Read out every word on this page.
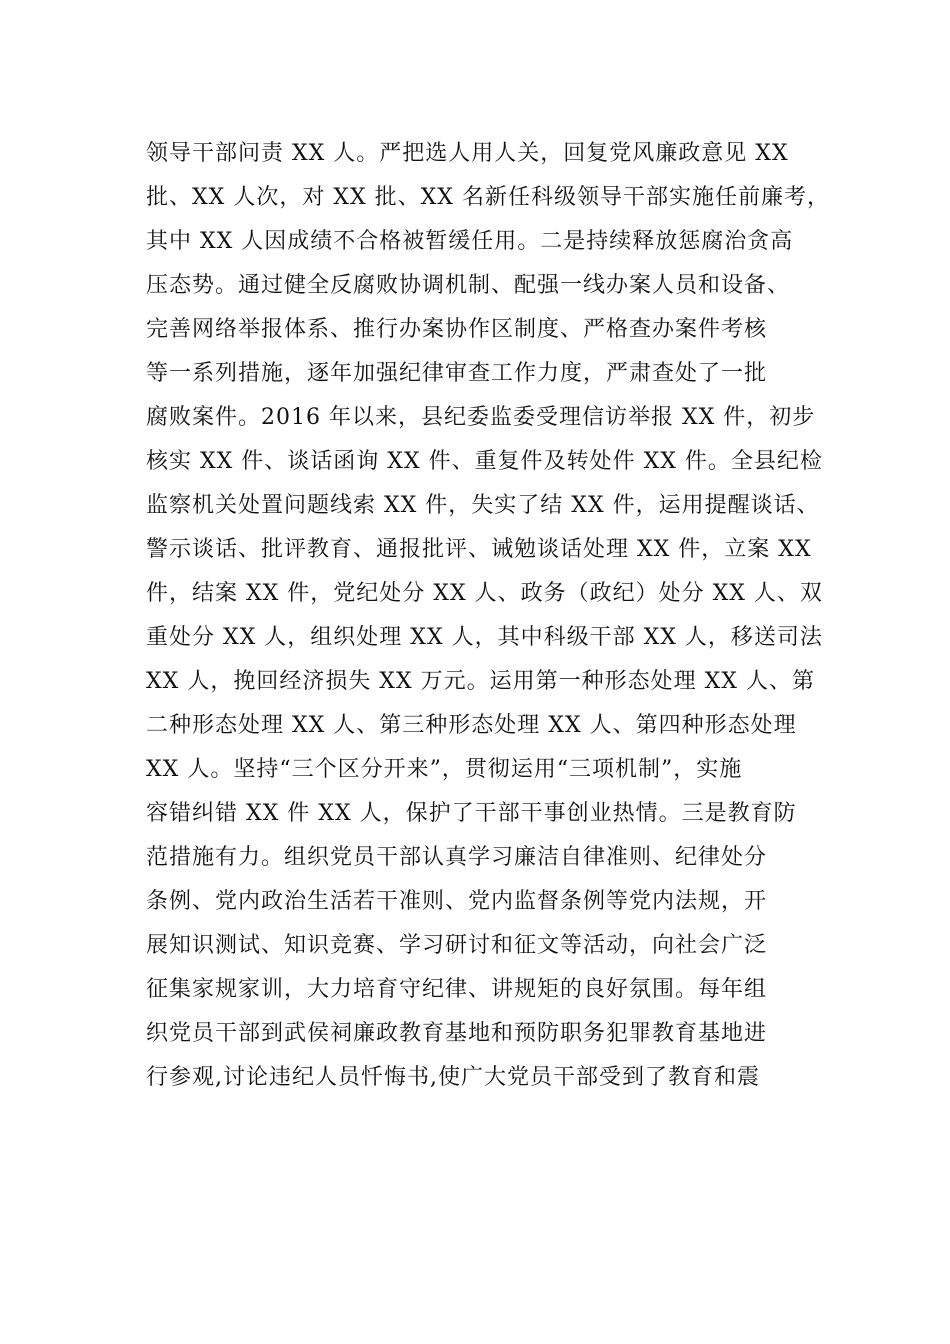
领导干部问责 XX 人。严把选人用人关，回复党风廉政意见 XX
批、XX 人次，对 XX 批、XX 名新任科级领导干部实施任前廉考，
其中 XX 人因成绩不合格被暂缓任用。二是持续释放惩腐治贪高
压态势。通过健全反腐败协调机制、配强一线办案人员和设备、
完善网络举报体系、推行办案协作区制度、严格查办案件考核
等一系列措施，逐年加强纪律审查工作力度，严肃查处了一批
腐败案件。2016 年以来，县纪委监委受理信访举报 XX 件，初步
核实 XX 件、谈话函询 XX 件、重复件及转处件 XX 件。全县纪检
监察机关处置问题线索 XX 件，失实了结 XX 件，运用提醒谈话、
警示谈话、批评教育、通报批评、诫勉谈话处理 XX 件，立案 XX
件，结案 XX 件，党纪处分 XX 人、政务（政纪）处分 XX 人、双
重处分 XX 人，组织处理 XX 人，其中科级干部 XX 人，移送司法
XX 人，挽回经济损失 XX 万元。运用第一种形态处理 XX 人、第
二种形态处理 XX 人、第三种形态处理 XX 人、第四种形态处理
XX 人。坚持“三个区分开来”，贯彻运用“三项机制”，实施
容错纠错 XX 件 XX 人，保护了干部干事创业热情。三是教育防
范措施有力。组织党员干部认真学习廉洁自律准则、纪律处分
条例、党内政治生活若干准则、党内监督条例等党内法规，开
展知识测试、知识竞赛、学习研讨和征文等活动，向社会广泛
征集家规家训，大力培育守纪律、讲规矩的良好氛围。每年组
织党员干部到武侯祠廉政教育基地和预防职务犯罪教育基地进
行参观,讨论违纪人员忏悔书,使广大党员干部受到了教育和震
